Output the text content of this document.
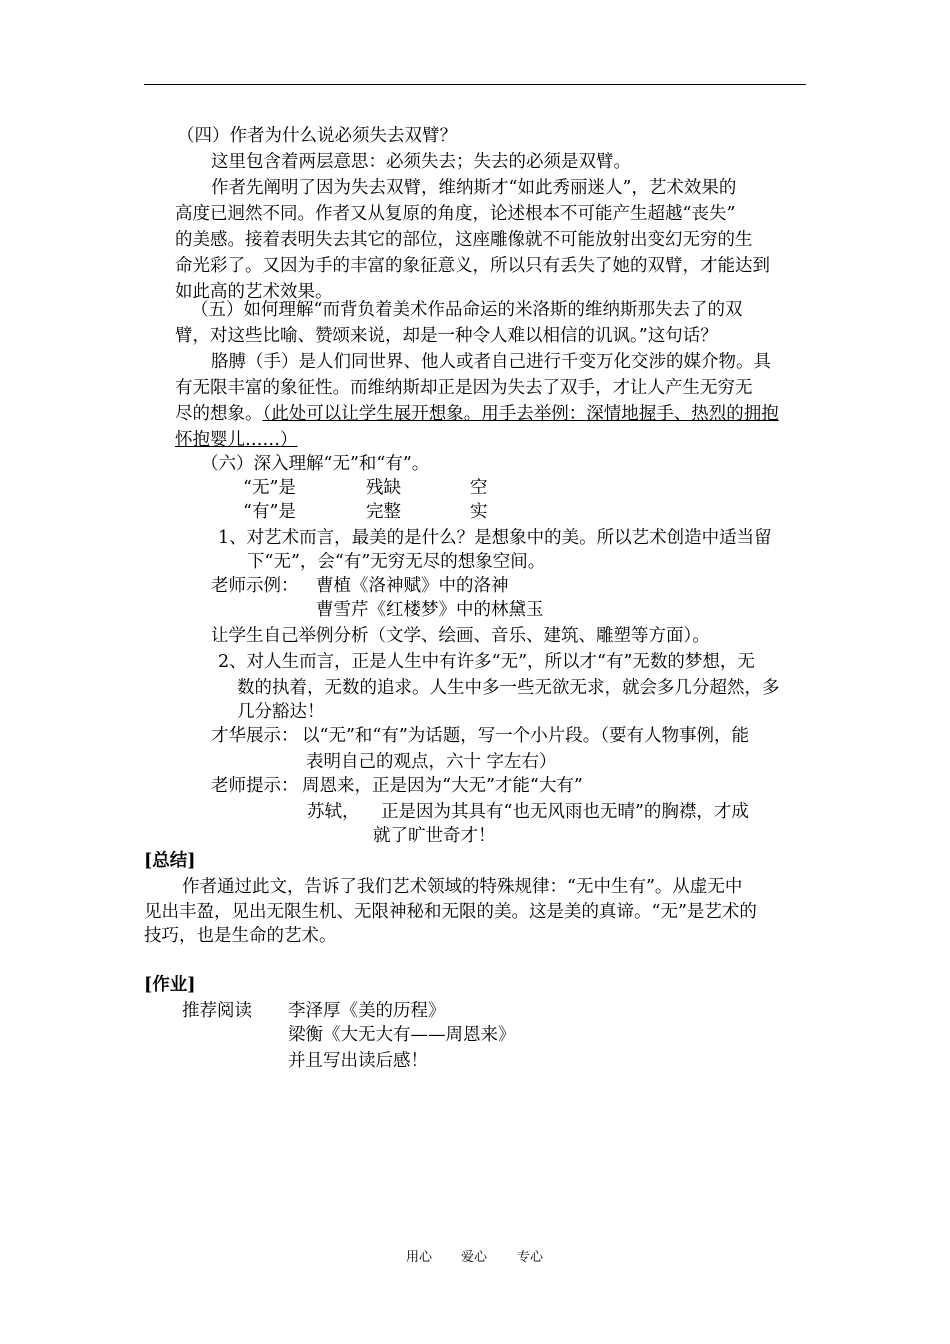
（四）作者为什么说必须失去双臂？
这里包含着两层意思：必须失去；失去的必须是双臂。
作者先阐明了因为失去双臂，维纳斯才“如此秀丽迷人”，艺术效果的
高度已迥然不同。作者又从复原的角度，论述根本不可能产生超越“丧失”
的美感。接着表明失去其它的部位，这座雕像就不可能放射出变幻无穷的生
命光彩了。又因为手的丰富的象征意义，所以只有丢失了她的双臂，才能达到
如此高的艺术效果。
（五）如何理解“而背负着美术作品命运的米洛斯的维纳斯那失去了的双
臂，对这些比喻、赞颂来说，却是一种令人难以相信的讥讽。”这句话？
胳膊（手）是人们同世界、他人或者自己进行千变万化交涉的媒介物。具
有无限丰富的象征性。而维纳斯却正是因为失去了双手，才让人产生无穷无
尽的想象。（此处可以让学生展开想象。用手去举例：深情地握手、热烈的拥抱
怀抱婴儿……）
（六）深入理解“无”和“有”。
“无”是	残缺	空
“有”是	完整	实
1、对艺术而言，最美的是什么？是想象中的美。所以艺术创造中适当留
下“无”，会“有”无穷无尽的想象空间。
老师示例： 曹植《洛神赋》中的洛神
曹雪芹《红楼梦》中的林黛玉
让学生自己举例分析（文学、绘画、音乐、建筑、雕塑等方面）。
2、对人生而言，正是人生中有许多“无”，所以才“有”无数的梦想，无
数的执着，无数的追求。人生中多一些无欲无求，就会多几分超然，多
几分豁达！
才华展示： 以“无”和“有”为话题，写一个小片段。（要有人物事例，能
表明自己的观点，六十 字左右）
老师提示： 周恩来，正是因为“大无”才能“大有”
苏轼， 正是因为其具有“也无风雨也无晴”的胸襟，才成
就了旷世奇才！
[总结]
作者通过此文，告诉了我们艺术领域的特殊规律：“无中生有”。从虚无中
见出丰盈，见出无限生机、无限神秘和无限的美。这是美的真谛。“无”是艺术的
技巧，也是生命的艺术。
[作业]
推荐阅读 李泽厚《美的历程》
梁衡《大无大有——周恩来》
并且写出读后感！
用心 爱心 专心
